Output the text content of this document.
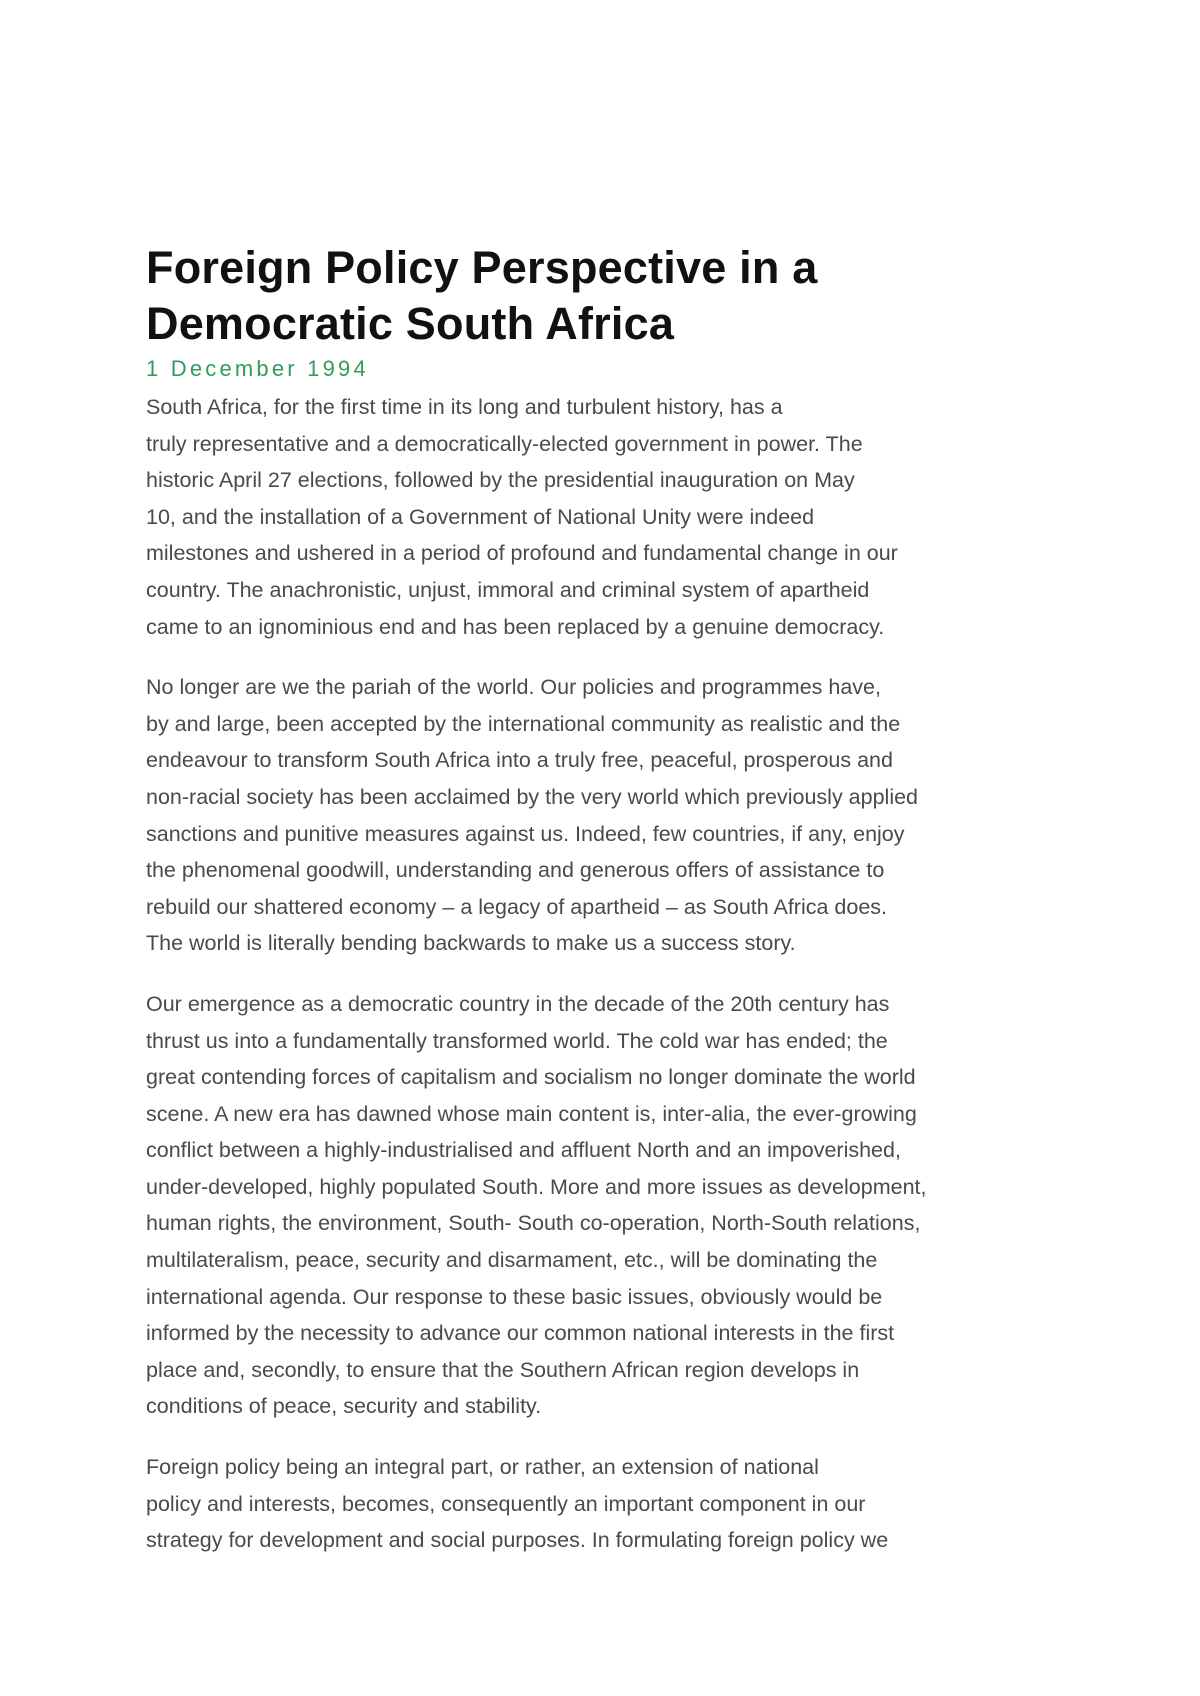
Foreign Policy Perspective in a
Democratic South Africa
1 December 1994

South Africa, for the first time in its long and turbulent history, has a
truly representative and a democratically-elected government in power. The
historic April 27 elections, followed by the presidential inauguration on May
10, and the installation of a Government of National Unity were indeed
milestones and ushered in a period of profound and fundamental change in our
country. The anachronistic, unjust, immoral and criminal system of apartheid
came to an ignominious end and has been replaced by a genuine democracy.

No longer are we the pariah of the world. Our policies and programmes have,
by and large, been accepted by the international community as realistic and the
endeavour to transform South Africa into a truly free, peaceful, prosperous and
non-racial society has been acclaimed by the very world which previously applied
sanctions and punitive measures against us. Indeed, few countries, if any, enjoy
the phenomenal goodwill, understanding and generous offers of assistance to
rebuild our shattered economy – a legacy of apartheid – as South Africa does.
The world is literally bending backwards to make us a success story.

Our emergence as a democratic country in the decade of the 20th century has
thrust us into a fundamentally transformed world. The cold war has ended; the
great contending forces of capitalism and socialism no longer dominate the world
scene. A new era has dawned whose main content is, inter-alia, the ever-growing
conflict between a highly-industrialised and affluent North and an impoverished,
under-developed, highly populated South. More and more issues as development,
human rights, the environment, South- South co-operation, North-South relations,
multilateralism, peace, security and disarmament, etc., will be dominating the
international agenda. Our response to these basic issues, obviously would be
informed by the necessity to advance our common national interests in the first
place and, secondly, to ensure that the Southern African region develops in
conditions of peace, security and stability.

Foreign policy being an integral part, or rather, an extension of national
policy and interests, becomes, consequently an important component in our
strategy for development and social purposes. In formulating foreign policy we
